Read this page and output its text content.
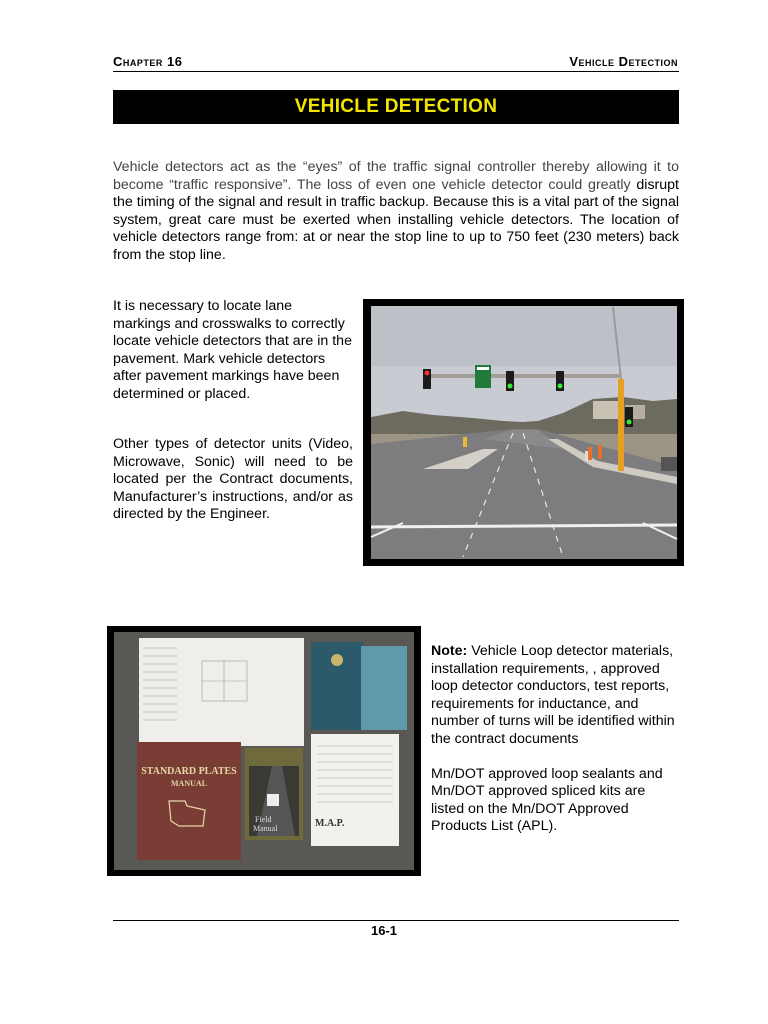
Chapter 16	Vehicle Detection
VEHICLE DETECTION
Vehicle detectors act as the “eyes” of the traffic signal controller thereby allowing it to become “traffic responsive”. The loss of even one vehicle detector could greatly disrupt the timing of the signal and result in traffic backup. Because this is a vital part of the signal system, great care must be exerted when installing vehicle detectors. The location of vehicle detectors range from: at or near the stop line to up to 750 feet (230 meters) back from the stop line.
It is necessary to locate lane markings and crosswalks to correctly locate vehicle detectors that are in the pavement. Mark vehicle detectors after pavement markings have been determined or placed.
Other types of detector units (Video, Microwave, Sonic) will need to be located per the Contract documents, Manufacturer’s instructions, and/or as directed by the Engineer.
STANDARD PLATES
MANUAL
Field
Manual	M.A.P.

Note: Vehicle Loop detector materials, installation requirements, , approved loop detector conductors, test reports, requirements for inductance, and number of turns will be identified within the contract documents

Mn/DOT approved loop sealants and Mn/DOT approved spliced kits are listed on the Mn/DOT Approved Products List (APL).

16-1
